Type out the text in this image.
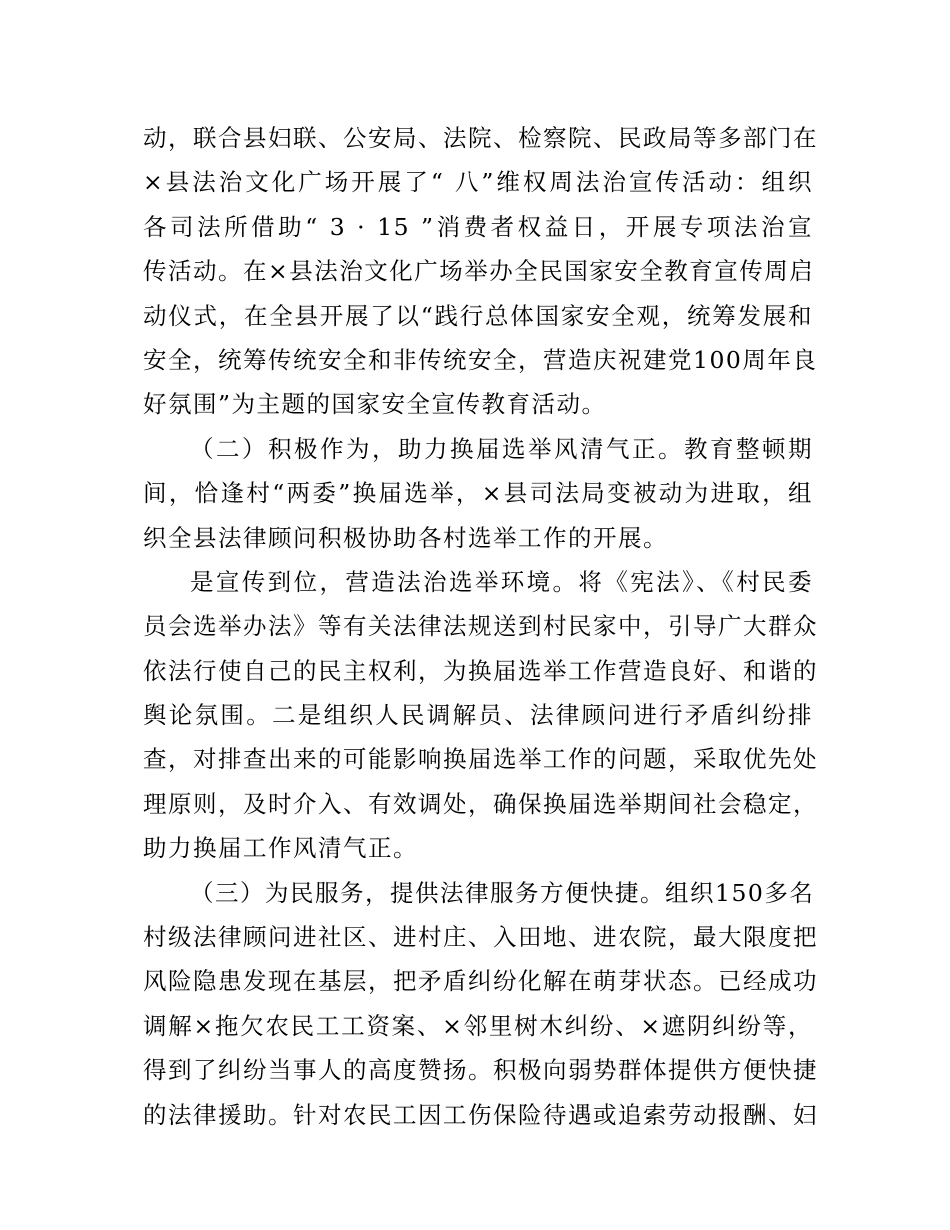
动，联合县妇联、公安局、法院、检察院、民政局等多部门在
×县法治文化广场开展了“ 八”维权周法治宣传活动：组织
各司法所借助“ 3 · 15 ”消费者权益日，开展专项法治宣
传活动。在×县法治文化广场举办全民国家安全教育宣传周启
动仪式，在全县开展了以“践行总体国家安全观，统筹发展和
安全，统筹传统安全和非传统安全，营造庆祝建党100周年良
好氛围”为主题的国家安全宣传教育活动。
（二）积极作为，助力换届选举风清气正。教育整顿期
间，恰逢村“两委”换届选举，×县司法局变被动为进取，组
织全县法律顾问积极协助各村选举工作的开展。
是宣传到位，营造法治选举环境。将《宪法》、《村民委
员会选举办法》等有关法律法规送到村民家中，引导广大群众
依法行使自己的民主权利，为换届选举工作营造良好、和谐的
舆论氛围。二是组织人民调解员、法律顾问进行矛盾纠纷排
查，对排查出来的可能影响换届选举工作的问题，采取优先处
理原则，及时介入、有效调处，确保换届选举期间社会稳定，
助力换届工作风清气正。
（三）为民服务，提供法律服务方便快捷。组织150多名
村级法律顾问进社区、进村庄、入田地、进农院，最大限度把
风险隐患发现在基层，把矛盾纠纷化解在萌芽状态。已经成功
调解×拖欠农民工工资案、×邻里树木纠纷、×遮阴纠纷等，
得到了纠纷当事人的高度赞扬。积极向弱势群体提供方便快捷
的法律援助。针对农民工因工伤保险待遇或追索劳动报酬、妇
